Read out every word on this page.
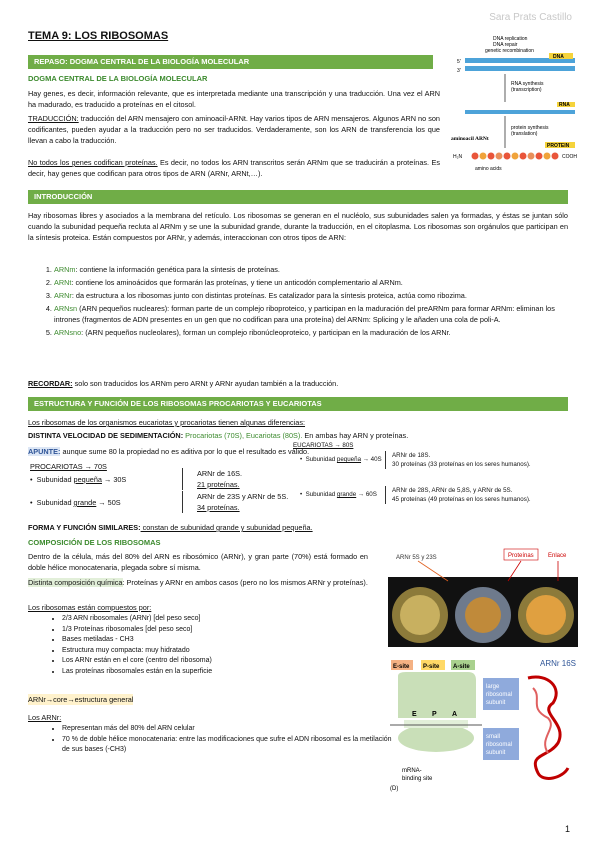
Sara Prats Castillo
TEMA 9: LOS RIBOSOMAS
REPASO: DOGMA CENTRAL DE LA BIOLOGÍA MOLECULAR
DOGMA CENTRAL DE LA BIOLOGÍA MOLECULAR
Hay genes, es decir, información relevante, que es interpretada mediante una transcripción y una traducción. Una vez el ARN ha madurado, es traducido a proteínas en el citosol.
TRADUCCIÓN: traducción del ARN mensajero con aminoacil-ARNt. Hay varios tipos de ARN mensajeros. Algunos ARN no son codificantes, pueden ayudar a la traducción pero no ser traducidos. Verdaderamente, son los ARN de transferencia los que llevan a cabo la traducción.
No todos los genes codifican proteínas. Es decir, no todos los ARN transcritos serán ARNm que se traducirán a proteínas. Es decir, hay genes que codifican para otros tipos de ARN (ARNr, ARNt,…).
DNA replication
DNA repair
genetic recombination
DNA
5'
3'
RNA synthesis
(transcription)
RNA
protein synthesis
(translation)
aminoacil ARNt
PROTEIN
H₂N	COOH
amino acids
INTRODUCCIÓN
Hay ribosomas libres y asociados a la membrana del retículo. Los ribosomas se generan en el nucléolo, sus subunidades salen ya formadas, y éstas se juntan sólo cuando la subunidad pequeña recluta al ARNm y se une la subunidad grande, durante la traducción, en el citoplasma. Los ribosomas son orgánulos que participan en la síntesis proteica. Están compuestos por ARNr, y además, interaccionan con otros tipos de ARN:
1. ARNm: contiene la información genética para la síntesis de proteínas.
2. ARNt: contiene los aminoácidos que formarán las proteínas, y tiene un anticodón complementario al ARNm.
3. ARNr: da estructura a los ribosomas junto con distintas proteínas. Es catalizador para la síntesis proteica, actúa como ribozima.
4. ARNsn (ARN pequeños nucleares): forman parte de un complejo riboproteico, y participan en la maduración del preARNm para formar ARNm: eliminan los intrones (fragmentos de ADN presentes en un gen que no codifican para una proteína) del ARNm: Splicing y le añaden una cola de poli-A.
5. ARNsno: (ARN pequeños nucleolares), forman un complejo ribonúcleoproteico, y participan en la maduración de los ARNr.
RECORDAR: solo son traducidos los ARNm pero ARNt y ARNr ayudan también a la traducción.
ESTRUCTURA Y FUNCIÓN DE LOS RIBOSOMAS PROCARIOTAS Y EUCARIOTAS
Los ribosomas de los organismos eucariotas y procariotas tienen algunas diferencias:
DISTINTA VELOCIDAD DE SEDIMENTACIÓN: Procariotas (70S), Eucariotas (80S). En ambas hay ARN y proteínas.
APUNTE: aunque sume 80 la propiedad no es aditiva por lo que el resultado es válido.
PROCARIOTAS → 70S
•  Subunidad pequeña → 30S
ARNr de 16S.
21 proteínas.
•  Subunidad grande → 50S
ARNr de 23S y ARNr de 5S.
34 proteínas.
EUCARIOTAS → 80S
•  Subunidad pequeña → 40S
ARNr de 18S.
30 proteínas (33 proteínas en los seres humanos).
•  Subunidad grande → 60S
ARNr de 28S, ARNr de 5,8S, y ARNr de 5S.
45 proteínas (49 proteínas en los seres humanos).
FORMA Y FUNCIÓN SIMILARES: constan de subunidad grande y subunidad pequeña.
COMPOSICIÓN DE LOS RIBOSOMAS
Dentro de la célula, más del 80% del ARN es ribosómico (ARNr), y gran parte (70%) está formado en doble hélice monocatenaria, plegada sobre sí misma.
Distinta composición química: Proteínas y ARNr en ambos casos (pero no los mismos ARNr y proteínas).
Los ribosomas están compuestos por:
• 2/3 ARN ribosomales (ARNr) [del peso seco]
• 1/3 Proteínas ribosomales [del peso seco]
• Bases metiladas - CH3
• Estructura muy compacta: muy hidratado
• Los ARNr están en el core (centro del ribosoma)
• Las proteínas ribosomales están en la superficie
ARNr→core→estructura general
Los ARNr:
• Representan más del 80% del ARN celular
• 70 % de doble hélice monocatenaria: entre las modificaciones que sufre el ADN ribosomal es la metilación de sus bases (-CH3)
ARNr 5S y 23S	Proteínas Enlace
E-site P-site A-site
E P A
large
ribosomal
subunit
small
ribosomal
subunit
mRNA-
binding site
(D)
ARNr 16S
1
